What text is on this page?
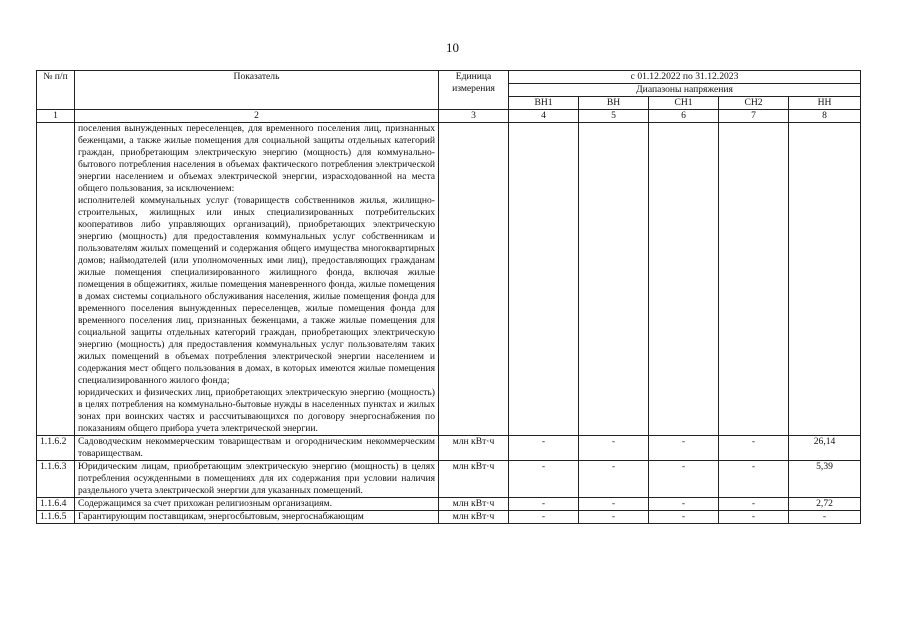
10
№ п/п	Показатель	Единица измерения	с 01.12.2022 по 31.12.2023				
			Диапазоны напряжения				
			ВН1	ВН	СН1	СН2	НН
1	2	3	4	5	6	7	8

	поселения вынужденных переселенцев, для временного поселения лиц, признанных беженцами, а также жилые помещения для социальной защиты отдельных категорий граждан, приобретающим электрическую энергию (мощность) для коммунально-бытового потребления населения в объемах фактического потребления электрической энергии населением и объемах электрической энергии, израсходованной на места общего пользования, за исключением:

исполнителей коммунальных услуг (товариществ собственников жилья, жилищно-строительных, жилищных или иных специализированных потребительских кооперативов либо управляющих организаций), приобретающих электрическую энергию (мощность) для предоставления коммунальных услуг собственникам и пользователям жилых помещений и содержания общего имущества многоквартирных домов; наймодателей (или уполномоченных ими лиц), предоставляющих гражданам жилые помещения специализированного жилищного фонда, включая жилые помещения в общежитиях, жилые помещения маневренного фонда, жилые помещения в домах системы социального обслуживания населения, жилые помещения фонда для временного поселения вынужденных переселенцев, жилые помещения фонда для временного поселения лиц, признанных беженцами, а также жилые помещения для социальной защиты отдельных категорий граждан, приобретающих электрическую энергию (мощность) для предоставления коммунальных услуг пользователям таких жилых помещений в объемах потребления электрической энергии населением и содержания мест общего пользования в домах, в которых имеются жилые помещения специализированного жилого фонда;

юридических и физических лиц, приобретающих электрическую энергию (мощность) в целях потребления на коммунально-бытовые нужды в населенных пунктах и жилых зонах при воинских частях и рассчитывающихся по договору энергоснабжения по показаниям общего прибора учета электрической энергии.						

1.1.6.2	Садоводческим некоммерческим товариществам и огородническим некоммерческим товариществам.	млн кВт·ч	-	-	-	-	26,14
1.1.6.3	Юридическим лицам, приобретающим электрическую энергию (мощность) в целях потребления осужденными в помещениях для их содержания при условии наличия раздельного учета электрической энергии для указанных помещений.	млн кВт·ч	-	-	-	-	5,39
1.1.6.4	Содержащимся за счет прихожан религиозным организациям.	млн кВт·ч	-	-	-	-	2,72
1.1.6.5	Гарантирующим поставщикам, энергосбытовым, энергоснабжающим	млн кВт·ч	-	-	-	-	-
